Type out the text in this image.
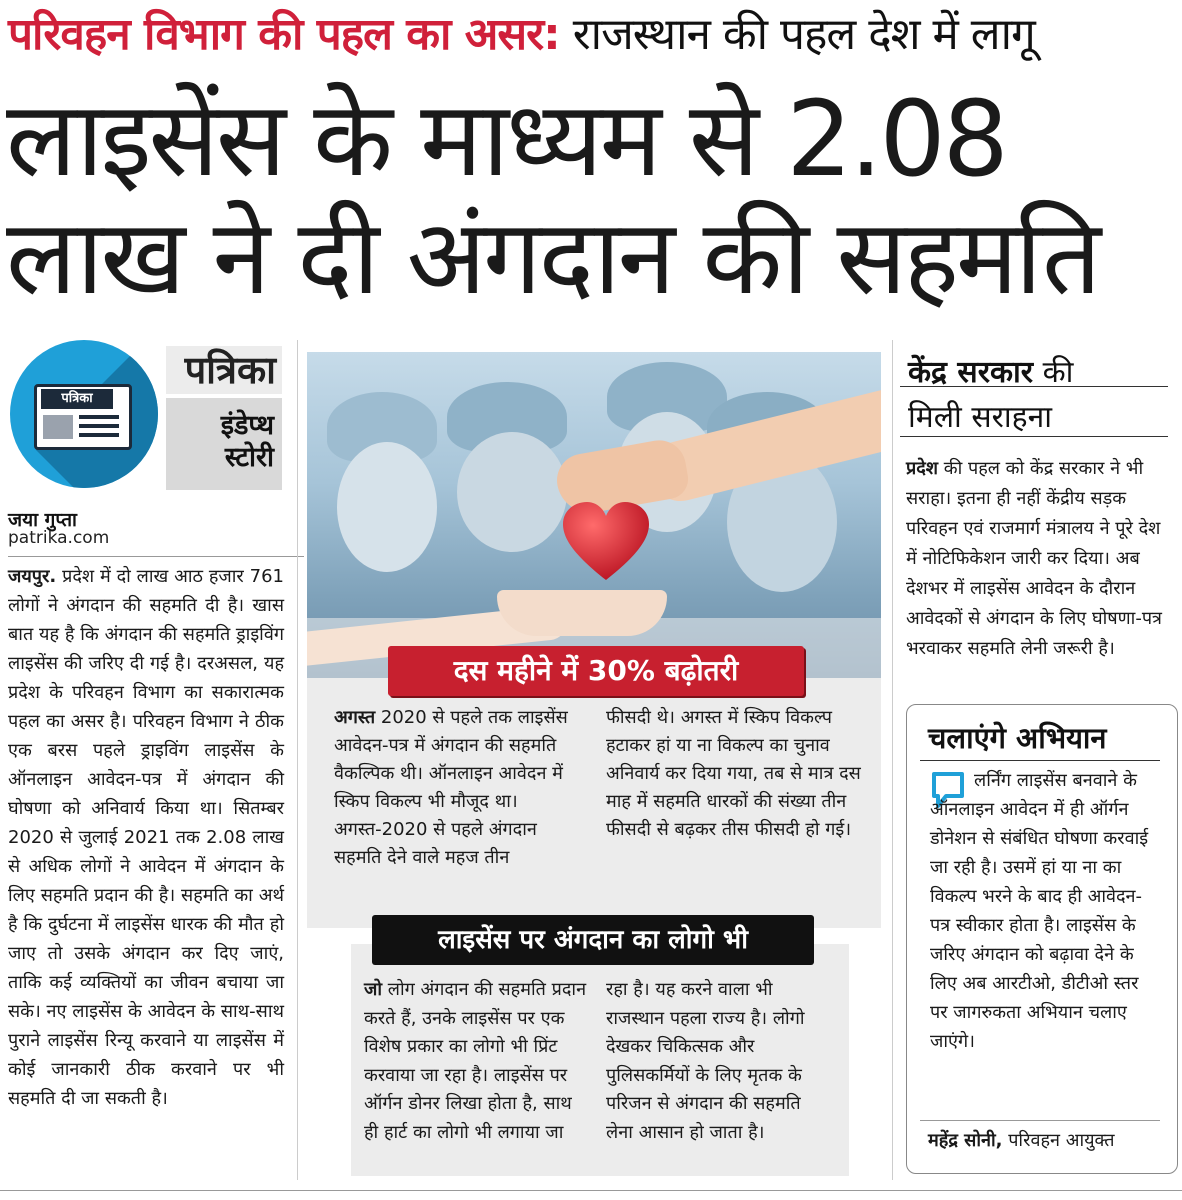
परिवहन विभाग की पहल का असर: राजस्थान की पहल देश में लागू
लाइसेंस के माध्यम से 2.08
लाख ने दी अंगदान की सहमति
पत्रिका
पत्रिका
इंडेप्थ
स्टोरी
जया गुप्ता
patrika.com
जयपुर. प्रदेश में दो लाख आठ हजार 761 लोगों ने अंगदान की सहमति दी है। खास बात यह है कि अंगदान की सहमति ड्राइविंग लाइसेंस की जरिए दी गई है। दरअसल, यह प्रदेश के परिवहन विभाग का सकारात्मक पहल का असर है। परिवहन विभाग ने ठीक एक बरस पहले ड्राइविंग लाइसेंस के ऑनलाइन आवेदन-पत्र में अंगदान की घोषणा को अनिवार्य किया था। सितम्बर 2020 से जुलाई 2021 तक 2.08 लाख से अधिक लोगों ने आवेदन में अंगदान के लिए सहमति प्रदान की है। सहमति का अर्थ है कि दुर्घटना में लाइसेंस धारक की मौत हो जाए तो उसके अंगदान कर दिए जाएं, ताकि कई व्यक्तियों का जीवन बचाया जा सके। नए लाइसेंस के आवेदन के साथ-साथ पुराने लाइसेंस रिन्यू करवाने या लाइसेंस में कोई जानकारी ठीक करवाने पर भी सहमति दी जा सकती है।
दस महीने में 30% बढ़ोतरी
अगस्त 2020 से पहले तक लाइसेंस आवेदन-पत्र में अंगदान की सहमति वैकल्पिक थी। ऑनलाइन आवेदन में स्किप विकल्प भी मौजूद था। अगस्त-2020 से पहले अंगदान सहमति देने वाले महज तीन
फीसदी थे। अगस्त में स्किप विकल्प हटाकर हां या ना विकल्प का चुनाव अनिवार्य कर दिया गया, तब से मात्र दस माह में सहमति धारकों की संख्या तीन फीसदी से बढ़कर तीस फीसदी हो गई।
लाइसेंस पर अंगदान का लोगो भी
जो लोग अंगदान की सहमति प्रदान करते हैं, उनके लाइसेंस पर एक विशेष प्रकार का लोगो भी प्रिंट करवाया जा रहा है। लाइसेंस पर ऑर्गन डोनर लिखा होता है, साथ ही हार्ट का लोगो भी लगाया जा
रहा है। यह करने वाला भी राजस्थान पहला राज्य है। लोगो देखकर चिकित्सक और पुलिसकर्मियों के लिए मृतक के परिजन से अंगदान की सहमति लेना आसान हो जाता है।
केंद्र सरकार की
मिली सराहना
प्रदेश की पहल को केंद्र सरकार ने भी सराहा। इतना ही नहीं केंद्रीय सड़क परिवहन एवं राजमार्ग मंत्रालय ने पूरे देश में नोटिफिकेशन जारी कर दिया। अब देशभर में लाइसेंस आवेदन के दौरान आवेदकों से अंगदान के लिए घोषणा-पत्र भरवाकर सहमति लेनी जरूरी है।
चलाएंगे अभियान
लर्निंग लाइसेंस बनवाने के ऑनलाइन आवेदन में ही ऑर्गन डोनेशन से संबंधित घोषणा करवाई जा रही है। उसमें हां या ना का विकल्प भरने के बाद ही आवेदन-पत्र स्वीकार होता है। लाइसेंस के जरिए अंगदान को बढ़ावा देने के लिए अब आरटीओ, डीटीओ स्तर पर जागरुकता अभियान चलाए जाएंगे।
महेंद्र सोनी, परिवहन आयुक्त
